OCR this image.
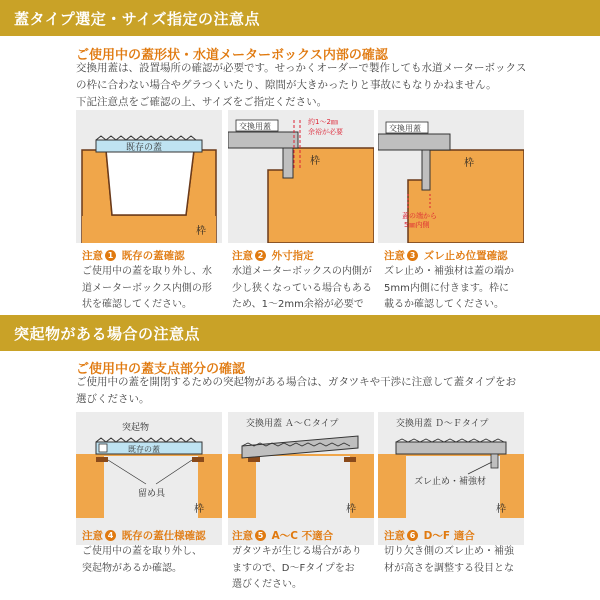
蓋タイプ選定・サイズ指定の注意点
ご使用中の蓋形状・水道メーターボックス内部の確認
交換用蓋は、設置場所の確認が必要です。せっかくオーダーで製作しても水道メーターボックス
の枠に合わない場合やグラつくいたり、隙間が大きかったりと事故にもなりかねません。
下記注意点をご確認の上、サイズをご指定ください。
既存の蓋
枠
交換用蓋	約1～2㎜
余裕が必要
枠
交換用蓋
枠
蓋の端から
5㎜内側
注意 1 既存の蓋確認
ご使用中の蓋を取り外し、水
道メーターボックス内側の形
状を確認してください。
注意 2 外寸指定
水道メーターボックスの内側が
少し狭くなっている場合もある
ため、1～2mm余裕が必要で
注意 3 ズレ止め位置確認
ズレ止め・補強材は蓋の端か
5mm内側に付きます。枠に
載るか確認してください。
突起物がある場合の注意点
ご使用中の蓋支点部分の確認
ご使用中の蓋を開閉するための突起物がある場合は、ガタツキや干渉に注意して蓋タイプをお
選びください。
突起物
既存の蓋
留め具
枠
交換用蓋 Ａ～Ｃタイプ
枠
交換用蓋 Ｄ～Ｆタイプ
ズレ止め・補強材
枠
注意 4 既存の蓋仕様確認
ご使用中の蓋を取り外し、
突起物があるか確認。
注意 5 A～C 不適合
ガタツキが生じる場合があり
ますので、D～Fタイプをお
選びください。
注意 6 D～F 適合
切り欠き側のズレ止め・補強
材が高さを調整する役目とな
